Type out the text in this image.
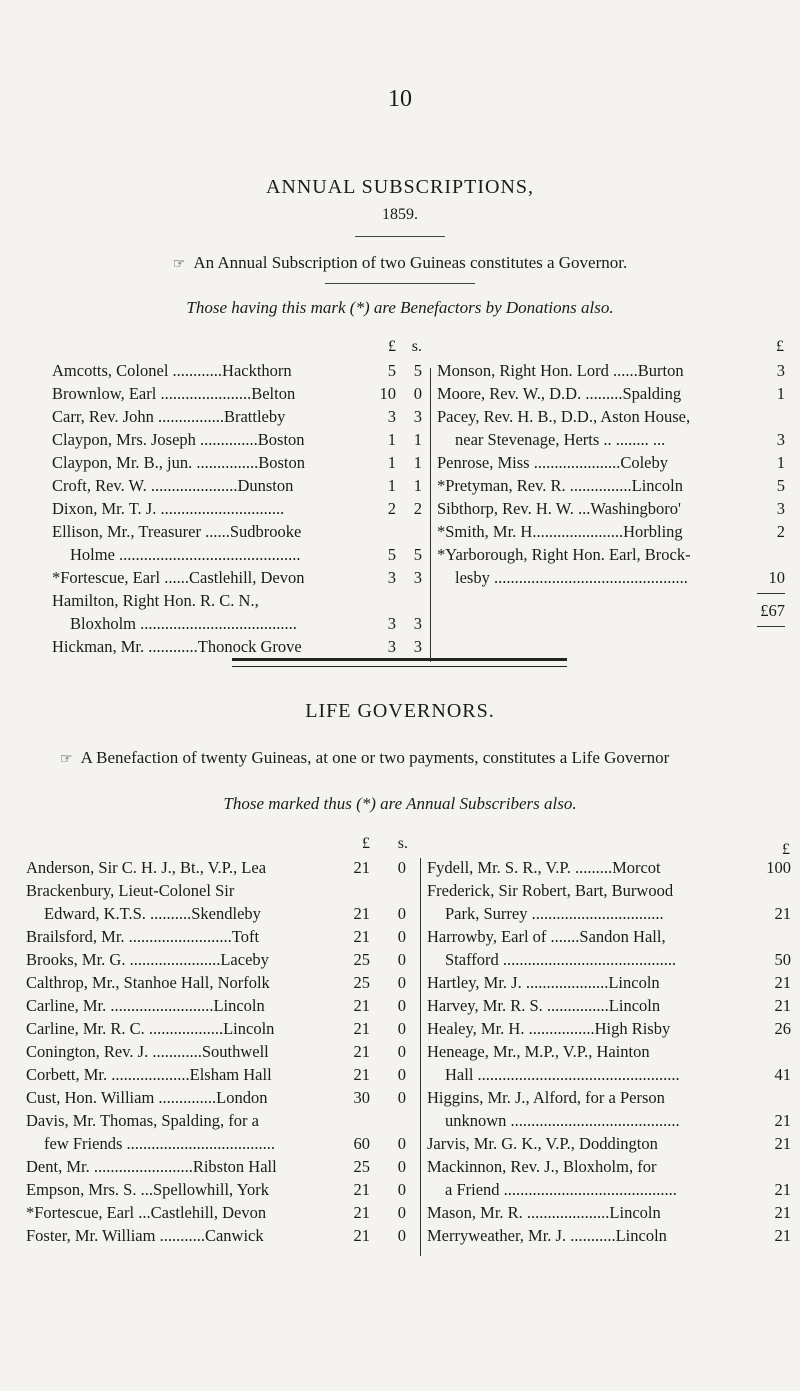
10
ANNUAL SUBSCRIPTIONS,
1859.
☞ An Annual Subscription of two Guineas constitutes a Governor.
Those having this mark (*) are Benefactors by Donations also.
£ s.
Amcotts, Colonel ............Hackthorn	5	5
Brownlow, Earl ......................Belton	10	0
Carr, Rev. John ................Brattleby	3	3
Claypon, Mrs. Joseph ..............Boston	1	1
Claypon, Mr. B., jun. ...............Boston	1	1
Croft, Rev. W. .....................Dunston	1	1
Dixon, Mr. T. J. ..............................	2	2
Ellison, Mr., Treasurer ......Sudbrooke
Holme ............................................	5	5
*Fortescue, Earl ......Castlehill, Devon	3	3
Hamilton, Right Hon. R. C. N.,
Bloxholm ......................................	3	3
Hickman, Mr. ............Thonock Grove	3	3
£
Monson, Right Hon. Lord ......Burton	3
Moore, Rev. W., D.D. .........Spalding	1
Pacey, Rev. H. B., D.D., Aston House,
near Stevenage, Herts .. ........ ...	3
Penrose, Miss .....................Coleby	1
*Pretyman, Rev. R. ...............Lincoln	5
Sibthorp, Rev. H. W. ...Washingboro'	3
*Smith, Mr. H......................Horbling	2
*Yarborough, Right Hon. Earl, Brock-
lesby ...............................................	10
£67
LIFE GOVERNORS.
☞ A Benefaction of twenty Guineas, at one or two payments, constitutes a Life Governor
Those marked thus (*) are Annual Subscribers also.
£	s.
Anderson, Sir C. H. J., Bt., V.P., Lea	21	0
Brackenbury, Lieut-Colonel Sir
Edward, K.T.S. ..........Skendleby	21	0
Brailsford, Mr. .........................Toft	21	0
Brooks, Mr. G. ......................Laceby	25	0
Calthrop, Mr., Stanhoe Hall, Norfolk	25	0
Carline, Mr. .........................Lincoln	21	0
Carline, Mr. R. C. ..................Lincoln	21	0
Conington, Rev. J. ............Southwell	21	0
Corbett, Mr. ...................Elsham Hall	21	0
Cust, Hon. William ..............London	30	0
Davis, Mr. Thomas, Spalding, for a
few Friends ....................................	60	0
Dent, Mr. ........................Ribston Hall	25	0
Empson, Mrs. S. ...Spellowhill, York	21	0
*Fortescue, Earl ...Castlehill, Devon	21	0
Foster, Mr. William ...........Canwick	21	0
£
Fydell, Mr. S. R., V.P. .........Morcot	100
Frederick, Sir Robert, Bart, Burwood
Park, Surrey ................................	21
Harrowby, Earl of .......Sandon Hall,
Stafford ..........................................	50
Hartley, Mr. J. ....................Lincoln	21
Harvey, Mr. R. S. ...............Lincoln	21
Healey, Mr. H. ................High Risby	26
Heneage, Mr., M.P., V.P., Hainton
Hall .................................................	41
Higgins, Mr. J., Alford, for a Person
unknown .........................................	21
Jarvis, Mr. G. K., V.P., Doddington	21
Mackinnon, Rev. J., Bloxholm, for
a Friend ..........................................	21
Mason, Mr. R. ....................Lincoln	21
Merryweather, Mr. J. ...........Lincoln	21
